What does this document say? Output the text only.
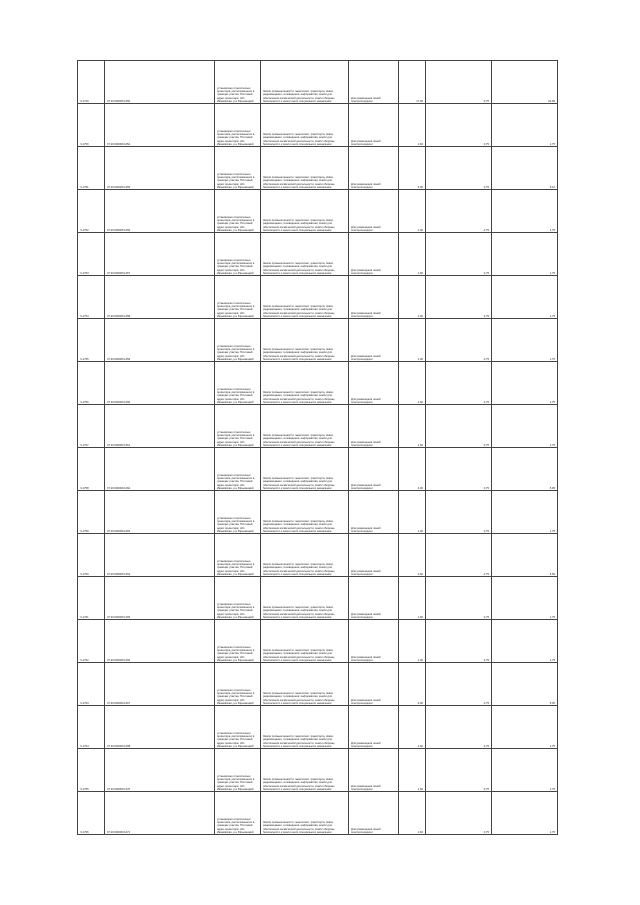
Ч-1749	37:20:000000:1450	установлено относительно ориентира, расположенного в границах участка. Почтовый адрес ориентира: обл. Ивановская, р-н Юрьевецкий	Земли промышленности, энергетики, транспорта, связи, радиовещания, телевидения, информатики, земли для обеспечения космической деятельности, земли обороны, безопасности и земли иного специального назначения	Для размещения линий электропередачи	17,60	0,75	24,69
Ч-1750	37:20:000000:1454	установлено относительно ориентира, расположенного в границах участка. Почтовый адрес ориентира: обл. Ивановская, р-н Юрьевецкий	Земли промышленности, энергетики, транспорта, связи, радиовещания, телевидения, информатики, земли для обеспечения космической деятельности, земли обороны, безопасности и земли иного специального назначения	Для размещения линий электропередачи	1,60	0,75	1,75
Ч-1751	37:20:000000:1455	установлено относительно ориентира, расположенного в границах участка. Почтовый адрес ориентира: обл. Ивановская, р-н Юрьевецкий	Земли промышленности, энергетики, транспорта, связи, радиовещания, телевидения, информатики, земли для обеспечения космической деятельности, земли обороны, безопасности и земли иного специального назначения	Для размещения линий электропередачи	5,00	0,75	5,12
Ч-1752	37:20:000000:1456	установлено относительно ориентира, расположенного в границах участка. Почтовый адрес ориентира: обл. Ивановская, р-н Юрьевецкий	Земли промышленности, энергетики, транспорта, связи, радиовещания, телевидения, информатики, земли для обеспечения космической деятельности, земли обороны, безопасности и земли иного специального назначения	Для размещения линий электропередачи	1,00	0,75	1,75
Ч-1753	37:20:000000:1457	установлено относительно ориентира, расположенного в границах участка. Почтовый адрес ориентира: обл. Ивановская, р-н Юрьевецкий	Земли промышленности, энергетики, транспорта, связи, радиовещания, телевидения, информатики, земли для обеспечения космической деятельности, земли обороны, безопасности и земли иного специального назначения	Для размещения линий электропередачи	1,60	0,75	1,75
Ч-1754	37:20:000000:1458	установлено относительно ориентира, расположенного в границах участка. Почтовый адрес ориентира: обл. Ивановская, р-н Юрьевецкий	Земли промышленности, энергетики, транспорта, связи, радиовещания, телевидения, информатики, земли для обеспечения космической деятельности, земли обороны, безопасности и земли иного специального назначения	Для размещения линий электропередачи	1,60	0,75	1,75
Ч-1755	37:20:000000:1459	установлено относительно ориентира, расположенного в границах участка. Почтовый адрес ориентира: обл. Ивановская, р-н Юрьевецкий	Земли промышленности, энергетики, транспорта, связи, радиовещания, телевидения, информатики, земли для обеспечения космической деятельности, земли обороны, безопасности и земли иного специального назначения	Для размещения линий электропередачи	1,00	0,75	1,75
Ч-1756	37:20:000000:1460	установлено относительно ориентира, расположенного в границах участка. Почтовый адрес ориентира: обл. Ивановская, р-н Юрьевецкий	Земли промышленности, энергетики, транспорта, связи, радиовещания, телевидения, информатики, земли для обеспечения космической деятельности, земли обороны, безопасности и земли иного специального назначения	Для размещения линий электропередачи	1,60	0,75	1,75
Ч-1757	37:20:000000:1461	установлено относительно ориентира, расположенного в границах участка. Почтовый адрес ориентира: обл. Ивановская, р-н Юрьевецкий	Земли промышленности, энергетики, транспорта, связи, радиовещания, телевидения, информатики, земли для обеспечения космической деятельности, земли обороны, безопасности и земли иного специального назначения	Для размещения линий электропередачи	1,60	0,75	1,75
Ч-1758	37:20:000000:1462	установлено относительно ориентира, расположенного в границах участка. Почтовый адрес ориентира: обл. Ивановская, р-н Юрьевецкий	Земли промышленности, энергетики, транспорта, связи, радиовещания, телевидения, информатики, земли для обеспечения космической деятельности, земли обороны, безопасности и земли иного специального назначения	Для размещения линий электропередачи	4,00	0,75	5,05
Ч-1759	37:20:000000:1463	установлено относительно ориентира, расположенного в границах участка. Почтовый адрес ориентира: обл. Ивановская, р-н Юрьевецкий	Земли промышленности, энергетики, транспорта, связи, радиовещания, телевидения, информатики, земли для обеспечения космической деятельности, земли обороны, безопасности и земли иного специального назначения	Для размещения линий электропередачи	1,00	0,75	1,75
Ч-1760	37:20:000000:1464	установлено относительно ориентира, расположенного в границах участка. Почтовый адрес ориентира: обл. Ивановская, р-н Юрьевецкий	Земли промышленности, энергетики, транспорта, связи, радиовещания, телевидения, информатики, земли для обеспечения космической деятельности, земли обороны, безопасности и земли иного специального назначения	Для размещения линий электропередачи	4,60	0,75	6,59
Ч-1761	37:20:000000:1465	установлено относительно ориентира, расположенного в границах участка. Почтовый адрес ориентира: обл. Ивановская, р-н Юрьевецкий	Земли промышленности, энергетики, транспорта, связи, радиовещания, телевидения, информатики, земли для обеспечения космической деятельности, земли обороны, безопасности и земли иного специального назначения	Для размещения линий электропередачи	1,60	0,75	1,75
Ч-1762	37:20:000000:1466	установлено относительно ориентира, расположенного в границах участка. Почтовый адрес ориентира: обл. Ивановская, р-н Юрьевецкий	Земли промышленности, энергетики, транспорта, связи, радиовещания, телевидения, информатики, земли для обеспечения космической деятельности, земли обороны, безопасности и земли иного специального назначения	Для размещения линий электропередачи	1,00	0,75	1,75
Ч-1763	37:20:000000:1467	установлено относительно ориентира, расположенного в границах участка. Почтовый адрес ориентира: обл. Ивановская, р-н Юрьевецкий	Земли промышленности, энергетики, транспорта, связи, радиовещания, телевидения, информатики, земли для обеспечения космической деятельности, земли обороны, безопасности и земли иного специального назначения	Для размещения линий электропередачи	4,00	0,75	5,35
Ч-1764	37:20:000000:1468	установлено относительно ориентира, расположенного в границах участка. Почтовый адрес ориентира: обл. Ивановская, р-н Юрьевецкий	Земли промышленности, энергетики, транспорта, связи, радиовещания, телевидения, информатики, земли для обеспечения космической деятельности, земли обороны, безопасности и земли иного специального назначения	Для размещения линий электропередачи	1,60	0,75	1,75
Ч-1765	37:20:000000:1470	установлено относительно ориентира, расположенного в границах участка. Почтовый адрес ориентира: обл. Ивановская, р-н Юрьевецкий	Земли промышленности, энергетики, транспорта, связи, радиовещания, телевидения, информатики, земли для обеспечения космической деятельности, земли обороны, безопасности и земли иного специального назначения	Для размещения линий электропередачи	1,60	0,75	1,75
Ч-1766	37:20:000000:1471	установлено относительно ориентира, расположенного в границах участка. Почтовый адрес ориентира: обл. Ивановская, р-н Юрьевецкий	Земли промышленности, энергетики, транспорта, связи, радиовещания, телевидения, информатики, земли для обеспечения космической деятельности, земли обороны, безопасности и земли иного специального назначения	Для размещения линий электропередачи	1,60	0,75	1,75
